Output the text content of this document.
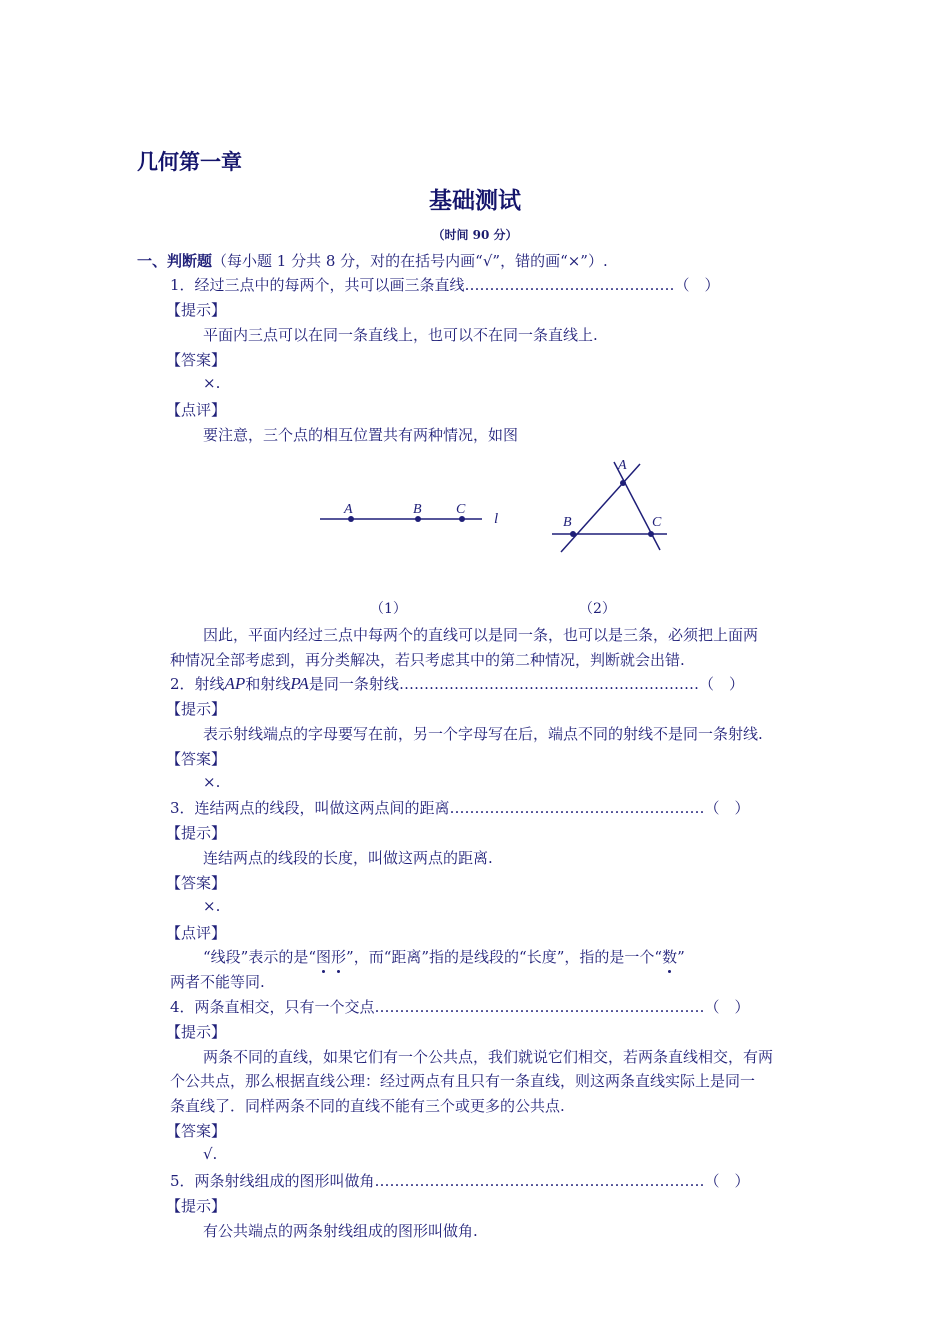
几何第一章
基础测试
（时间 90 分）
一、判断题（每小题 1 分共 8 分，对的在括号内画“√”，错的画“×”）.
1．经过三点中的每两个，共可以画三条直线……………………………………（　）
【提示】
平面内三点可以在同一条直线上，也可以不在同一条直线上.
【答案】
×.
【点评】
要注意，三个点的相互位置共有两种情况，如图
A	B C
l
A
B	C
（1）	（2）
因此，平面内经过三点中每两个的直线可以是同一条，也可以是三条，必须把上面两
种情况全部考虑到，再分类解决，若只考虑其中的第二种情况，判断就会出错.
2．射线AP和射线PA是同一条射线……………………………………………………（　）
【提示】
表示射线端点的字母要写在前，另一个字母写在后，端点不同的射线不是同一条射线.
【答案】
×.
3．连结两点的线段，叫做这两点间的距离……………………………………………（　）
【提示】
连结两点的线段的长度，叫做这两点的距离.
【答案】
×.
【点评】
“线段”表示的是“图形”，而“距离”指的是线段的“长度”，指的是一个“数”
两者不能等同.
4．两条直相交，只有一个交点…………………………………………………………（　）
【提示】
两条不同的直线，如果它们有一个公共点，我们就说它们相交，若两条直线相交，有两
个公共点，那么根据直线公理：经过两点有且只有一条直线，则这两条直线实际上是同一
条直线了．同样两条不同的直线不能有三个或更多的公共点.
【答案】
√.
5．两条射线组成的图形叫做角…………………………………………………………（　）
【提示】
有公共端点的两条射线组成的图形叫做角.
